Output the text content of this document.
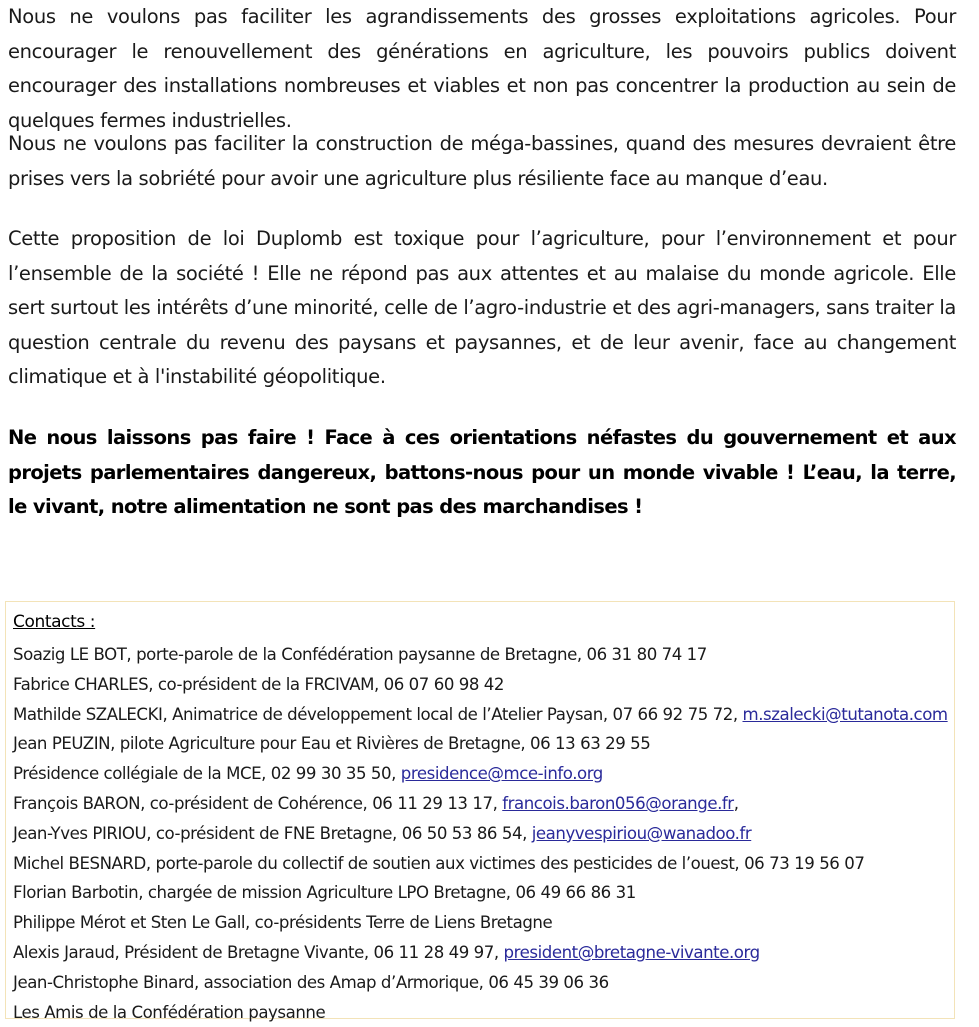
Nous ne voulons pas faciliter les agrandissements des grosses exploitations agricoles. Pour encourager le renouvellement des générations en agriculture, les pouvoirs publics doivent encourager des installations nombreuses et viables et non pas concentrer la production au sein de quelques fermes industrielles.

Nous ne voulons pas faciliter la construction de méga-bassines, quand des mesures devraient être prises vers la sobriété pour avoir une agriculture plus résiliente face au manque d’eau.

Cette proposition de loi Duplomb est toxique pour l’agriculture, pour l’environnement et pour l’ensemble de la société ! Elle ne répond pas aux attentes et au malaise du monde agricole. Elle sert surtout les intérêts d’une minorité, celle de l’agro-industrie et des agri-managers, sans traiter la question centrale du revenu des paysans et paysannes, et de leur avenir, face au changement climatique et à l'instabilité géopolitique.

Ne nous laissons pas faire ! Face à ces orientations néfastes du gouvernement et aux projets parlementaires dangereux, battons-nous pour un monde vivable ! L’eau, la terre, le vivant, notre alimentation ne sont pas des marchandises !

Contacts :
Soazig LE BOT, porte-parole de la Confédération paysanne de Bretagne, 06 31 80 74 17
Fabrice CHARLES, co-président de la FRCIVAM, 06 07 60 98 42
Mathilde SZALECKI, Animatrice de développement local de l’Atelier Paysan, 07 66 92 75 72, m.szalecki@tutanota.com
Jean PEUZIN, pilote Agriculture pour Eau et Rivières de Bretagne, 06 13 63 29 55
Présidence collégiale de la MCE, 02 99 30 35 50, presidence@mce-info.org
François BARON, co-président de Cohérence, 06 11 29 13 17, francois.baron056@orange.fr,
Jean-Yves PIRIOU, co-président de FNE Bretagne, 06 50 53 86 54, jeanyvespiriou@wanadoo.fr
Michel BESNARD, porte-parole du collectif de soutien aux victimes des pesticides de l’ouest, 06 73 19 56 07
Florian Barbotin, chargée de mission Agriculture LPO Bretagne, 06 49 66 86 31
Philippe Mérot et Sten Le Gall, co-présidents Terre de Liens Bretagne
Alexis Jaraud, Président de Bretagne Vivante, 06 11 28 49 97, president@bretagne-vivante.org
Jean-Christophe Binard, association des Amap d’Armorique, 06 45 39 06 36
Les Amis de la Confédération paysanne
